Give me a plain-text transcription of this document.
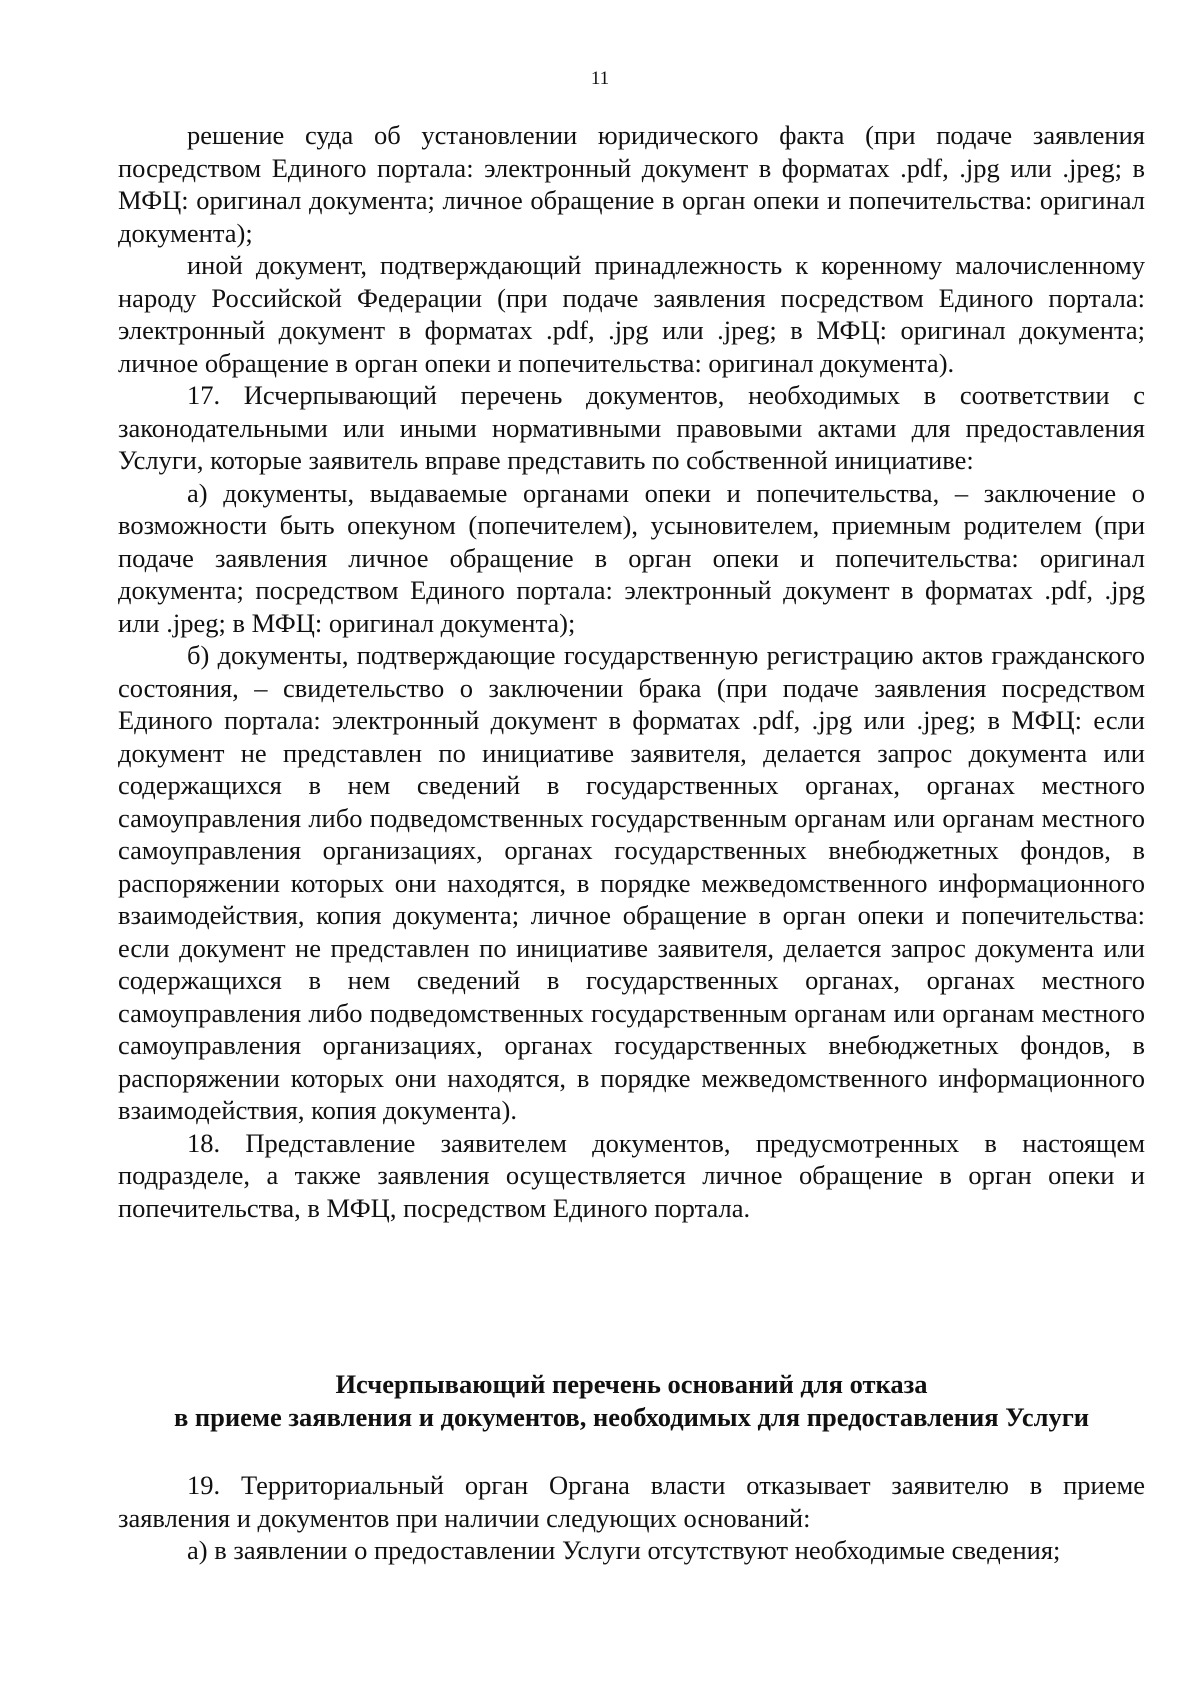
11

решение суда об установлении юридического факта (при подаче заявления посредством Единого портала: электронный документ в форматах .pdf, .jpg или .jpeg; в МФЦ: оригинал документа; личное обращение в орган опеки и попечительства: оригинал документа);

иной документ, подтверждающий принадлежность к коренному малочисленному народу Российской Федерации (при подаче заявления посредством Единого портала: электронный документ в форматах .pdf, .jpg или .jpeg; в МФЦ: оригинал документа; личное обращение в орган опеки и попечительства: оригинал документа).

17. Исчерпывающий перечень документов, необходимых в соответствии с законодательными или иными нормативными правовыми актами для предоставления Услуги, которые заявитель вправе представить по собственной инициативе:

а) документы, выдаваемые органами опеки и попечительства, – заключение о возможности быть опекуном (попечителем), усыновителем, приемным родителем (при подаче заявления личное обращение в орган опеки и попечительства: оригинал документа; посредством Единого портала: электронный документ в форматах .pdf, .jpg или .jpeg; в МФЦ: оригинал документа);

б) документы, подтверждающие государственную регистрацию актов гражданского состояния, – свидетельство о заключении брака (при подаче заявления посредством Единого портала: электронный документ в форматах .pdf, .jpg или .jpeg; в МФЦ: если документ не представлен по инициативе заявителя, делается запрос документа или содержащихся в нем сведений в государственных органах, органах местного самоуправления либо подведомственных государственным органам или органам местного самоуправления организациях, органах государственных внебюджетных фондов, в распоряжении которых они находятся, в порядке межведомственного информационного взаимодействия, копия документа; личное обращение в орган опеки и попечительства: если документ не представлен по инициативе заявителя, делается запрос документа или содержащихся в нем сведений в государственных органах, органах местного самоуправления либо подведомственных государственным органам или органам местного самоуправления организациях, органах государственных внебюджетных фондов, в распоряжении которых они находятся, в порядке межведомственного информационного взаимодействия, копия документа).

18. Представление заявителем документов, предусмотренных в настоящем подразделе, а также заявления осуществляется личное обращение в орган опеки и попечительства, в МФЦ, посредством Единого портала.

Исчерпывающий перечень оснований для отказа
в приеме заявления и документов, необходимых для предоставления Услуги

19. Территориальный орган Органа власти отказывает заявителю в приеме заявления и документов при наличии следующих оснований:

а) в заявлении о предоставлении Услуги отсутствуют необходимые сведения;
